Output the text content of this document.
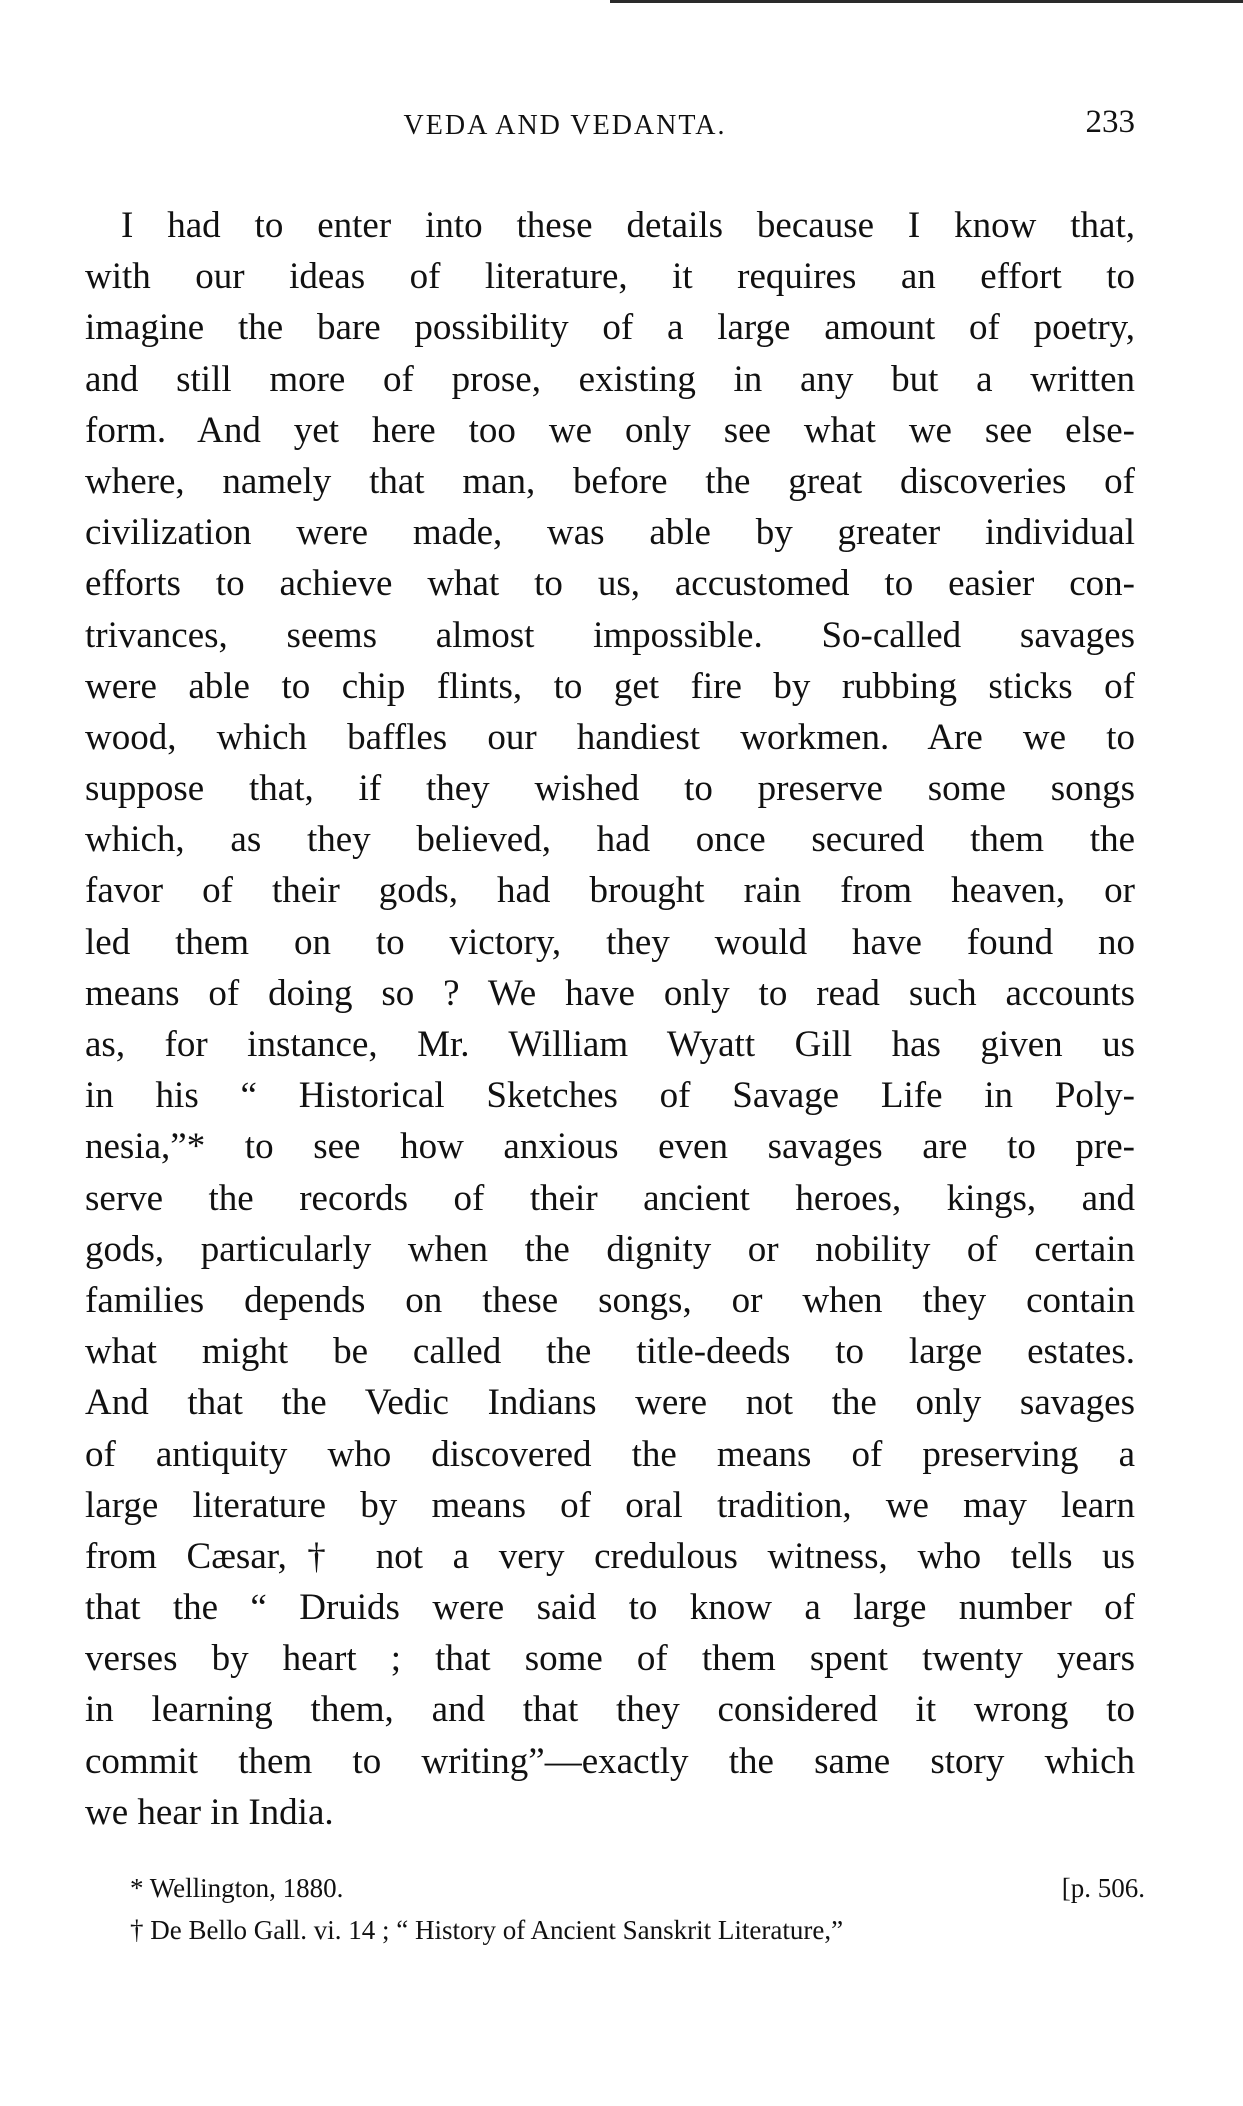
VEDA AND VEDANTA.	233
I had to enter into these details because I know that,
with our ideas of literature, it requires an effort to
imagine the bare possibility of a large amount of poetry,
and still more of prose, existing in any but a written
form. And yet here too we only see what we see else-
where, namely that man, before the great discoveries of
civilization were made, was able by greater individual
efforts to achieve what to us, accustomed to easier con-
trivances, seems almost impossible. So-called savages
were able to chip flints, to get fire by rubbing sticks of
wood, which baffles our handiest workmen. Are we to
suppose that, if they wished to preserve some songs
which, as they believed, had once secured them the
favor of their gods, had brought rain from heaven, or
led them on to victory, they would have found no
means of doing so ? We have only to read such accounts
as, for instance, Mr. William Wyatt Gill has given us
in his “ Historical Sketches of Savage Life in Poly-
nesia,”* to see how anxious even savages are to pre-
serve the records of their ancient heroes, kings, and
gods, particularly when the dignity or nobility of certain
families depends on these songs, or when they contain
what might be called the title-deeds to large estates.
And that the Vedic Indians were not the only savages
of antiquity who discovered the means of preserving a
large literature by means of oral tradition, we may learn
from Cæsar,† not a very credulous witness, who tells us
that the “ Druids were said to know a large number of
verses by heart ; that some of them spent twenty years
in learning them, and that they considered it wrong to
commit them to writing”—exactly the same story which
we hear in India.
* Wellington, 1880.	[p. 506.
† De Bello Gall. vi. 14 ; “ History of Ancient Sanskrit Literature,”
